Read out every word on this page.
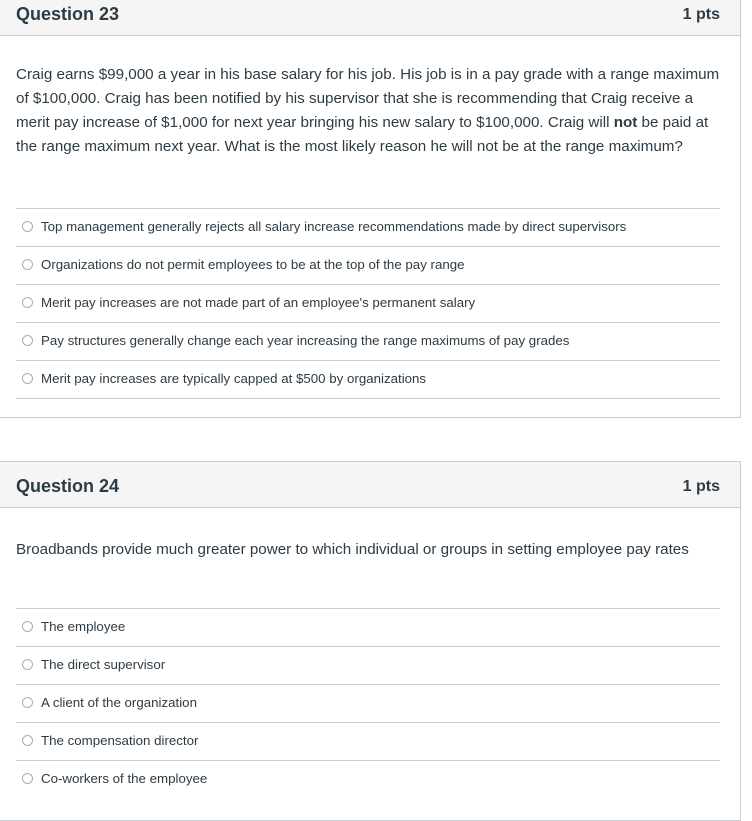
Question 23	1 pts
Craig earns $99,000 a year in his base salary for his job. His job is in a pay grade with a range maximum of $100,000. Craig has been notified by his supervisor that she is recommending that Craig receive a merit pay increase of $1,000 for next year bringing his new salary to $100,000. Craig will not be paid at the range maximum next year. What is the most likely reason he will not be at the range maximum?
Top management generally rejects all salary increase recommendations made by direct supervisors
Organizations do not permit employees to be at the top of the pay range
Merit pay increases are not made part of an employee's permanent salary
Pay structures generally change each year increasing the range maximums of pay grades
Merit pay increases are typically capped at $500 by organizations
Question 24	1 pts
Broadbands provide much greater power to which individual or groups in setting employee pay rates
The employee
The direct supervisor
A client of the organization
The compensation director
Co-workers of the employee
